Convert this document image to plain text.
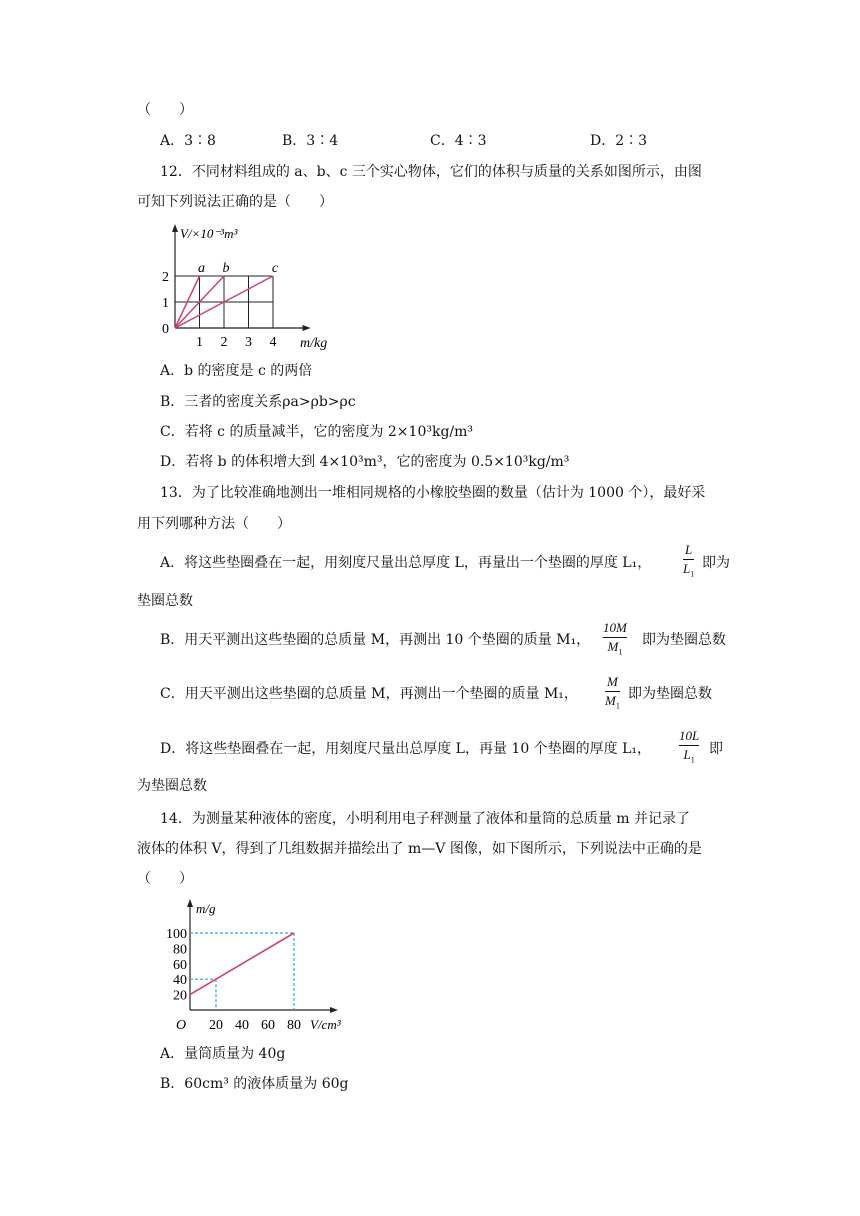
（　　）
A．3∶8	B．3∶4	C．4∶3	D．2∶3
12．不同材料组成的 a、b、c 三个实心物体，它们的体积与质量的关系如图所示，由图
可知下列说法正确的是（　　）
a b	c
1 2 3 4
0
1
2
m/kg
V/×10⁻³m³
A．b 的密度是 c 的两倍
B．三者的密度关系ρa>ρb>ρc
C．若将 c 的质量减半，它的密度为 2×10³kg/m³
D．若将 b 的体积增大到 4×10³m³，它的密度为 0.5×10³kg/m³
13．为了比较准确地测出一堆相同规格的小橡胶垫圈的数量（估计为 1000 个），最好采
用下列哪种方法（　　）
A．将这些垫圈叠在一起，用刻度尺量出总厚度 L，再量出一个垫圈的厚度 L₁，
L
$L_1$
即为
垫圈总数
B．用天平测出这些垫圈的总质量 M，再测出 10 个垫圈的质量 M₁，
10M
$M_1$
即为垫圈总数
C．用天平测出这些垫圈的总质量 M，再测出一个垫圈的质量 M₁，
M
$M_1$
即为垫圈总数
D．将这些垫圈叠在一起，用刻度尺量出总厚度 L，再量 10 个垫圈的厚度 L₁，
10L
$L_1$
即
为垫圈总数
14．为测量某种液体的密度，小明利用电子秤测量了液体和量筒的总质量 m 并记录了
液体的体积 V，得到了几组数据并描绘出了 m—V 图像，如下图所示，下列说法中正确的是
（　　）
20 40 60 80
20
40
60
80
100
O	V/cm³
m/g
A．量筒质量为 40g
B．60cm³ 的液体质量为 60g
